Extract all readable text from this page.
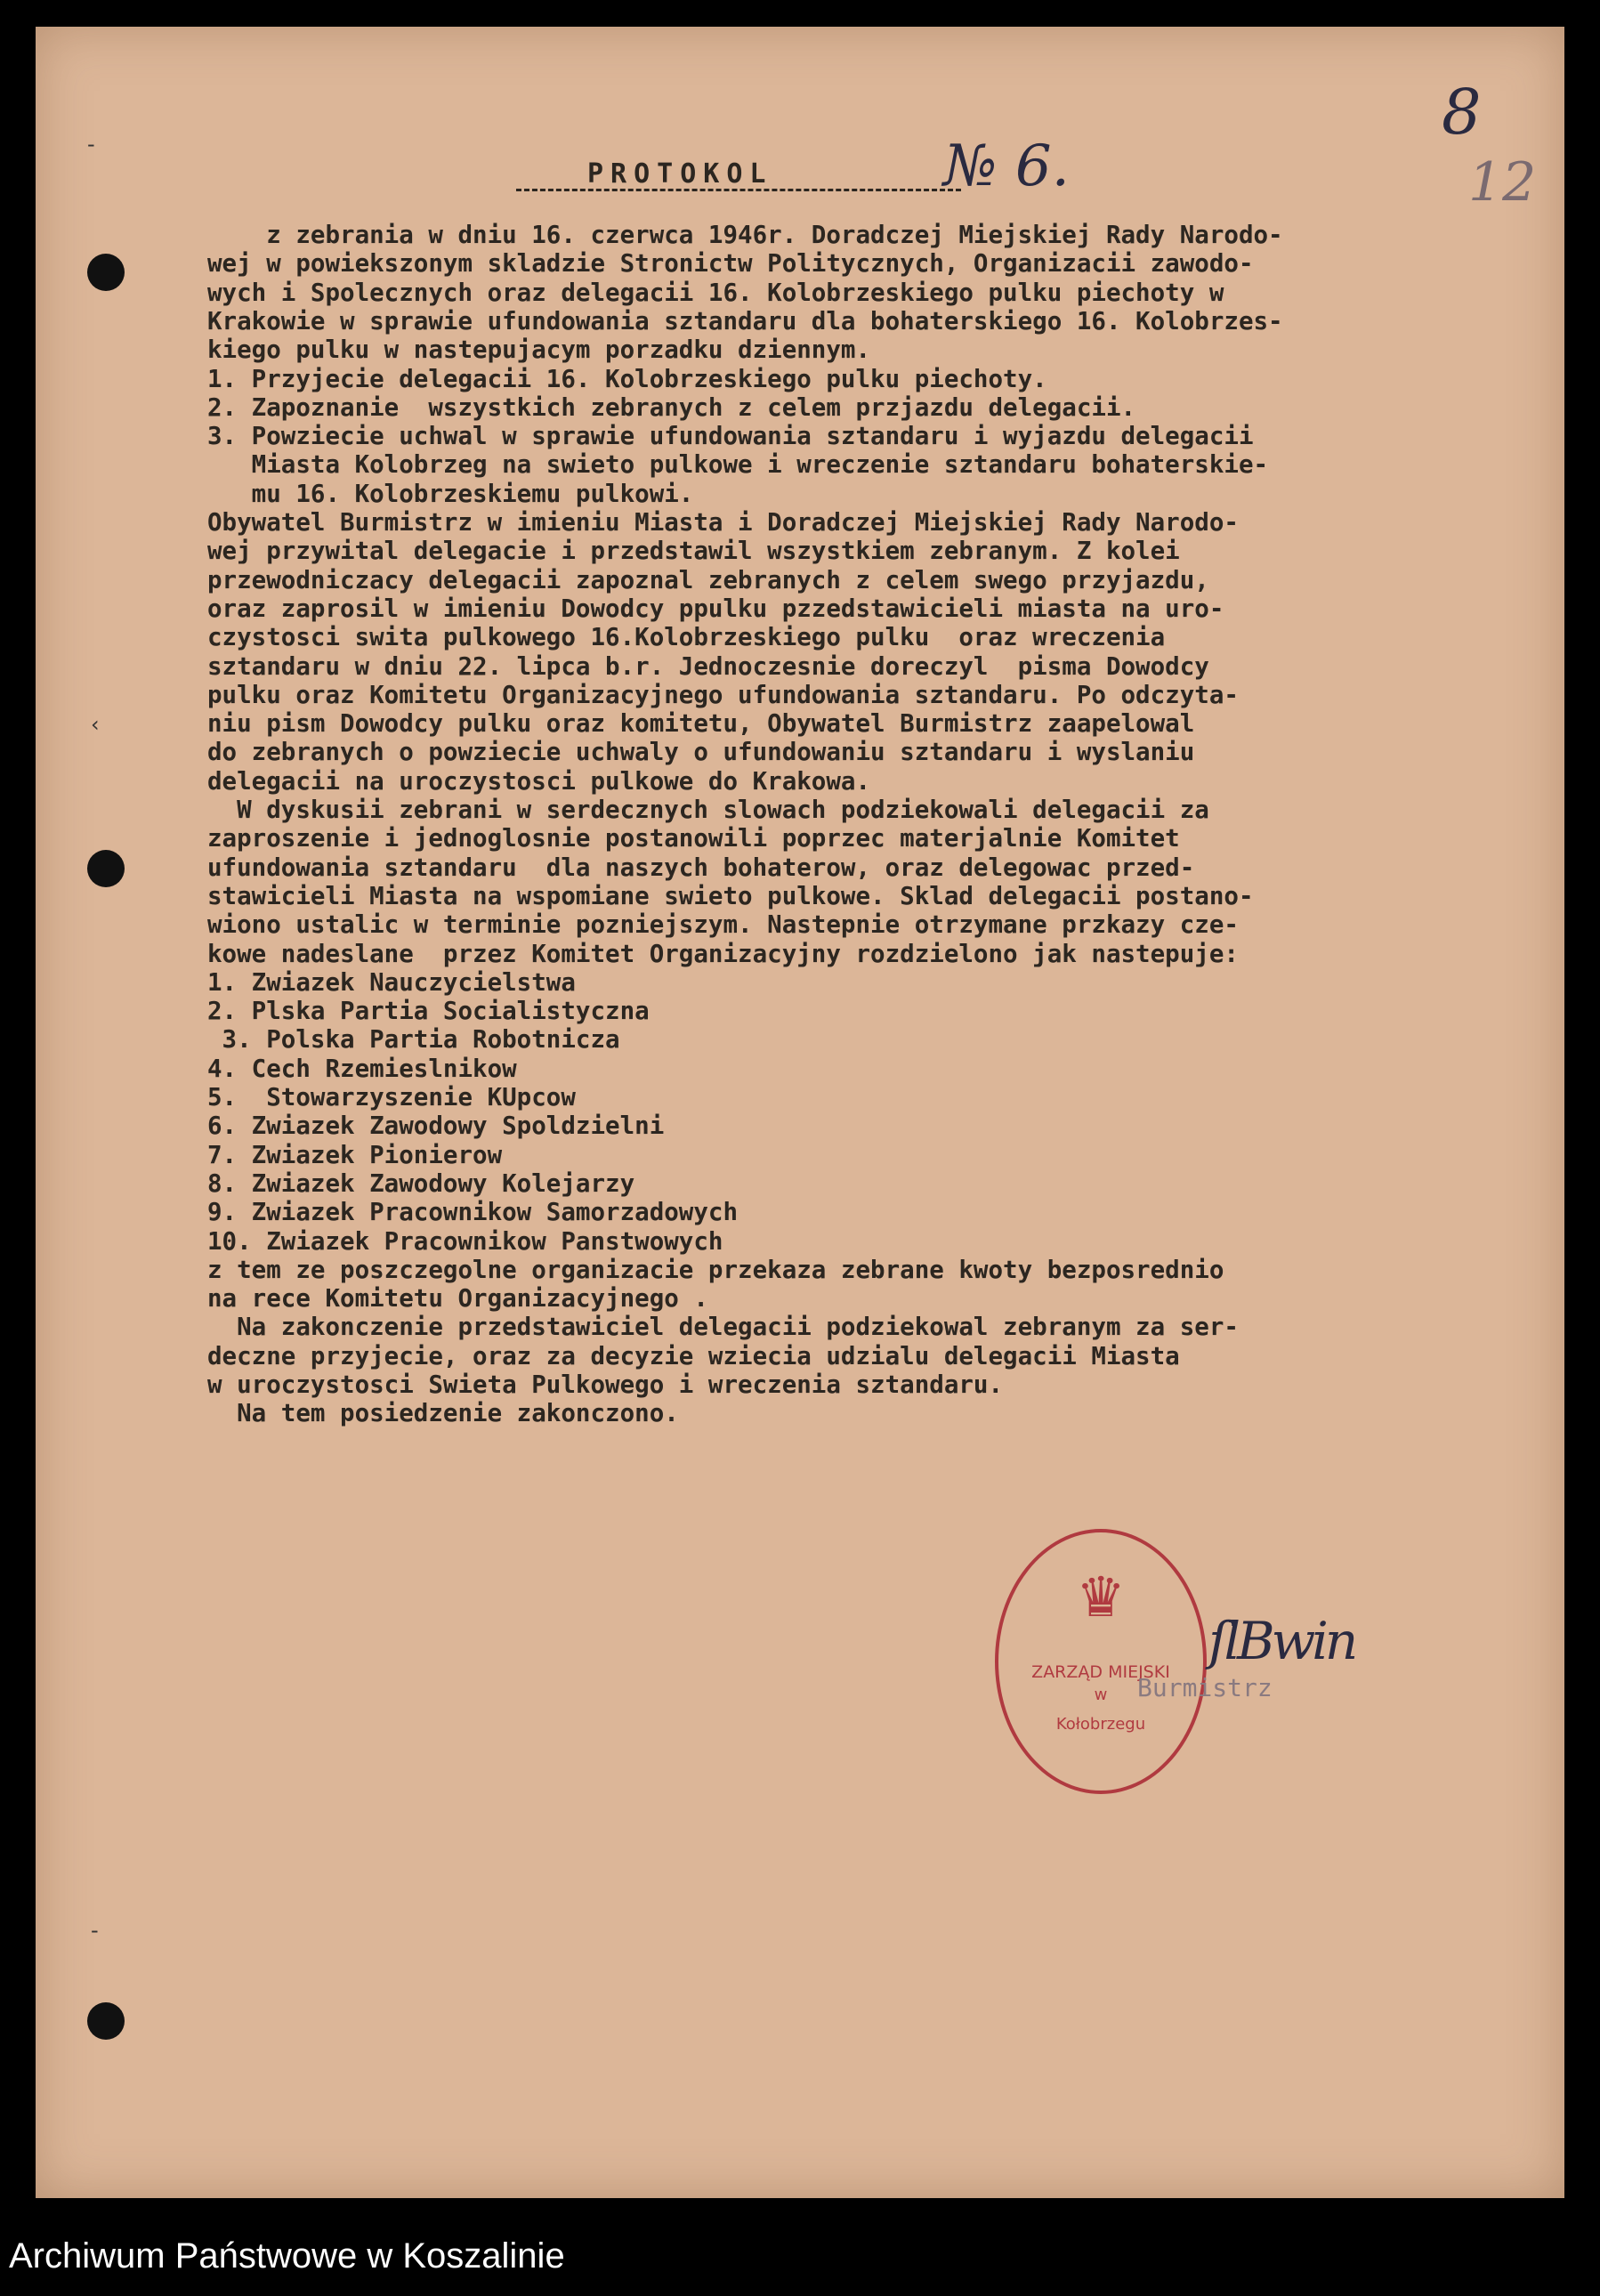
-
‹
-
8
12
PROTOKOL	№ 6.
z zebrania w dniu 16. czerwca 1946r. Doradczej Miejskiej Rady Narodo-
wej w powiekszonym skladzie Stronictw Politycznych, Organizacii zawodo-
wych i Spolecznych oraz delegacii 16. Kolobrzeskiego pulku piechoty w
Krakowie w sprawie ufundowania sztandaru dla bohaterskiego 16. Kolobrzes-
kiego pulku w nastepujacym porzadku dziennym.
1. Przyjecie delegacii 16. Kolobrzeskiego pulku piechoty.
2. Zapoznanie  wszystkich zebranych z celem przjazdu delegacii.
3. Powziecie uchwal w sprawie ufundowania sztandaru i wyjazdu delegacii
Miasta Kolobrzeg na swieto pulkowe i wreczenie sztandaru bohaterskie-
mu 16. Kolobrzeskiemu pulkowi.
Obywatel Burmistrz w imieniu Miasta i Doradczej Miejskiej Rady Narodo-
wej przywital delegacie i przedstawil wszystkiem zebranym. Z kolei
przewodniczacy delegacii zapoznal zebranych z celem swego przyjazdu,
oraz zaprosil w imieniu Dowodcy ppulku pzzedstawicieli miasta na uro-
czystosci swita pulkowego 16.Kolobrzeskiego pulku  oraz wreczenia
sztandaru w dniu 22. lipca b.r. Jednoczesnie doreczyl  pisma Dowodcy
pulku oraz Komitetu Organizacyjnego ufundowania sztandaru. Po odczyta-
niu pism Dowodcy pulku oraz komitetu, Obywatel Burmistrz zaapelowal
do zebranych o powziecie uchwaly o ufundowaniu sztandaru i wyslaniu
delegacii na uroczystosci pulkowe do Krakowa.
W dyskusii zebrani w serdecznych slowach podziekowali delegacii za
zaproszenie i jednoglosnie postanowili poprzec materjalnie Komitet
ufundowania sztandaru  dla naszych bohaterow, oraz delegowac przed-
stawicieli Miasta na wspomiane swieto pulkowe. Sklad delegacii postano-
wiono ustalic w terminie pozniejszym. Nastepnie otrzymane przkazy cze-
kowe nadeslane  przez Komitet Organizacyjny rozdzielono jak nastepuje:
1. Zwiazek Nauczycielstwa
2. Plska Partia Socialistyczna
3. Polska Partia Robotnicza
4. Cech Rzemieslnikow
5.  Stowarzyszenie KUpcow
6. Zwiazek Zawodowy Spoldzielni
7. Zwiazek Pionierow
8. Zwiazek Zawodowy Kolejarzy
9. Zwiazek Pracownikow Samorzadowych
10. Zwiazek Pracownikow Panstwowych
z tem ze poszczegolne organizacie przekaza zebrane kwoty bezposrednio
na rece Komitetu Organizacyjnego .
Na zakonczenie przedstawiciel delegacii podziekowal zebranym za ser-
deczne przyjecie, oraz za decyzie wziecia udzialu delegacii Miasta
w uroczystosci Swieta Pulkowego i wreczenia sztandaru.
Na tem posiedzenie zakonczono.
♛
ZARZĄD MIEJSKI
w
Kołobrzegu
ſlBwin
Burmistrz
Archiwum Państwowe w Koszalinie
